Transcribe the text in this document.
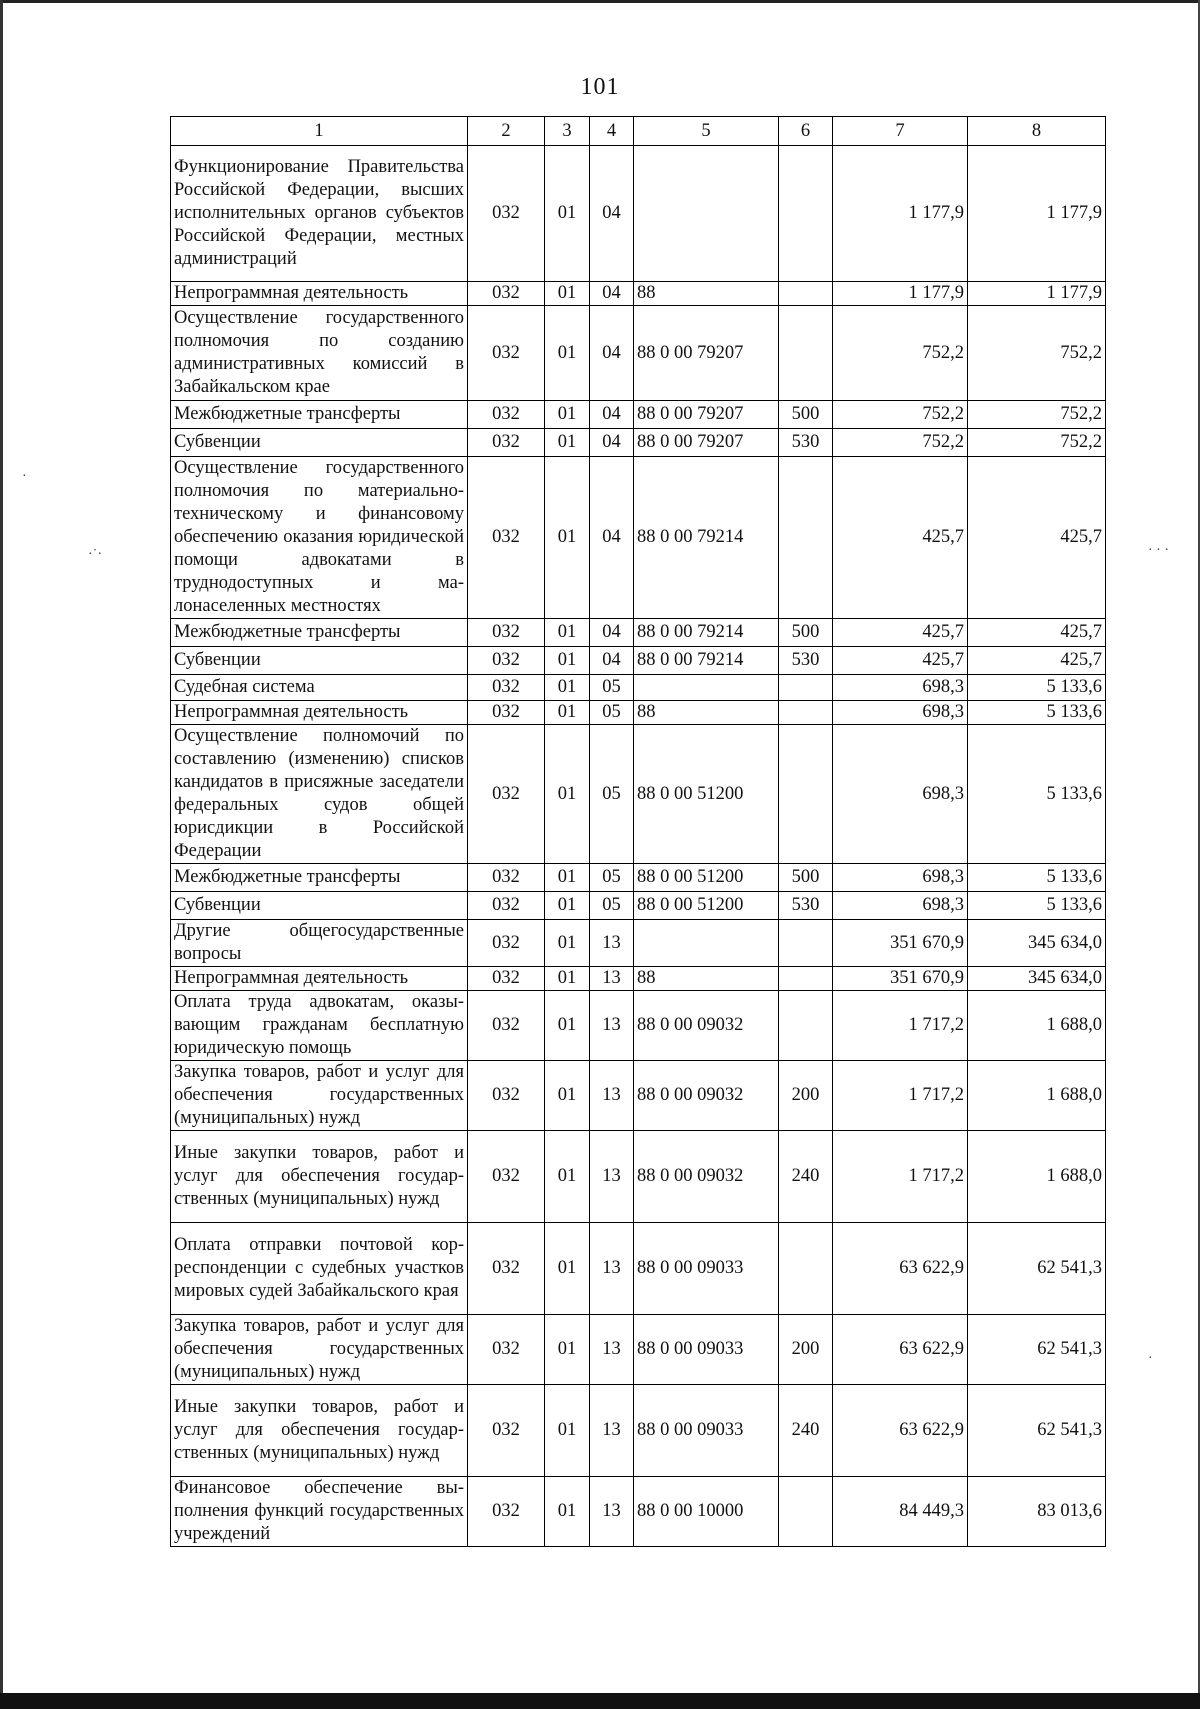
·˙·	· · ·
·
·
101
1	2	3	4	5	6	7	8
Функционирование Правительства Российской Федерации, высших исполнительных органов субъектов Российской Федерации, местных администраций	032	01	04			1 177,9	1 177,9
Непрограммная деятельность	032	01	04	88		1 177,9	1 177,9
Осуществление государственного полномочия по созданию административных комиссий в Забайкальском крае	032	01	04	88 0 00 79207		752,2	752,2
Межбюджетные трансферты	032	01	04	88 0 00 79207	500	752,2	752,2
Субвенции	032	01	04	88 0 00 79207	530	752,2	752,2
Осуществление государственного полномочия по материально-техническому и финансовому обеспечению оказания юридической помощи адвокатами в труднодоступных и малонаселенных местностях	032	01	04	88 0 00 79214		425,7	425,7
Межбюджетные трансферты	032	01	04	88 0 00 79214	500	425,7	425,7
Субвенции	032	01	04	88 0 00 79214	530	425,7	425,7
Судебная система	032	01	05			698,3	5 133,6
Непрограммная деятельность	032	01	05	88		698,3	5 133,6
Осуществление полномочий по составлению (изменению) списков кандидатов в присяжные заседатели федеральных судов общей юрисдикции в Российской Федерации	032	01	05	88 0 00 51200		698,3	5 133,6
Межбюджетные трансферты	032	01	05	88 0 00 51200	500	698,3	5 133,6
Субвенции	032	01	05	88 0 00 51200	530	698,3	5 133,6
Другие общегосударственные вопросы	032	01	13			351 670,9	345 634,0
Непрограммная деятельность	032	01	13	88		351 670,9	345 634,0
Оплата труда адвокатам, оказывающим гражданам бесплатную юридическую помощь	032	01	13	88 0 00 09032		1 717,2	1 688,0
Закупка товаров, работ и услуг для обеспечения государственных (муниципальных) нужд	032	01	13	88 0 00 09032	200	1 717,2	1 688,0
Иные закупки товаров, работ и услуг для обеспечения государственных (муниципальных) нужд	032	01	13	88 0 00 09032	240	1 717,2	1 688,0
Оплата отправки почтовой корреспонденции с судебных участков мировых судей Забайкальского края	032	01	13	88 0 00 09033		63 622,9	62 541,3
Закупка товаров, работ и услуг для обеспечения государственных (муниципальных) нужд	032	01	13	88 0 00 09033	200	63 622,9	62 541,3
Иные закупки товаров, работ и услуг для обеспечения государственных (муниципальных) нужд	032	01	13	88 0 00 09033	240	63 622,9	62 541,3
Финансовое обеспечение выполнения функций государственных учреждений	032	01	13	88 0 00 10000		84 449,3	83 013,6
